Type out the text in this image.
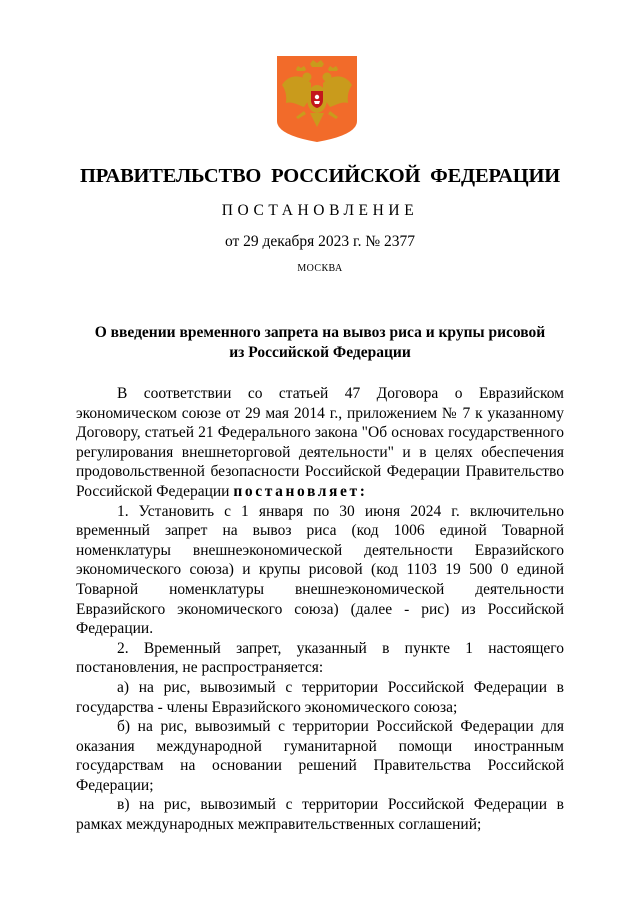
ПРАВИТЕЛЬСТВО РОССИЙСКОЙ ФЕДЕРАЦИИ
ПОСТАНОВЛЕНИЕ
от 29 декабря 2023 г. № 2377
МОСКВА
О введении временного запрета на вывоз риса и крупы рисовой
из Российской Федерации

В соответствии со статьей 47 Договора о Евразийском экономическом союзе от 29 мая 2014 г., приложением № 7 к указанному Договору, статьей 21 Федерального закона "Об основах государственного регулирования внешнеторговой деятельности" и в целях обеспечения продовольственной безопасности Российской Федерации Правительство Российской Федерации постановляет:

1. Установить с 1 января по 30 июня 2024 г. включительно временный запрет на вывоз риса (код 1006 единой Товарной номенклатуры внешнеэкономической деятельности Евразийского экономического союза) и крупы рисовой (код 1103 19 500 0 единой Товарной номенклатуры внешнеэкономической деятельности Евразийского экономического союза) (далее - рис) из Российской Федерации.

2. Временный запрет, указанный в пункте 1 настоящего постановления, не распространяется:

а) на рис, вывозимый с территории Российской Федерации в государства - члены Евразийского экономического союза;

б) на рис, вывозимый с территории Российской Федерации для оказания международной гуманитарной помощи иностранным государствам на основании решений Правительства Российской Федерации;

в) на рис, вывозимый с территории Российской Федерации в рамках международных межправительственных соглашений;
